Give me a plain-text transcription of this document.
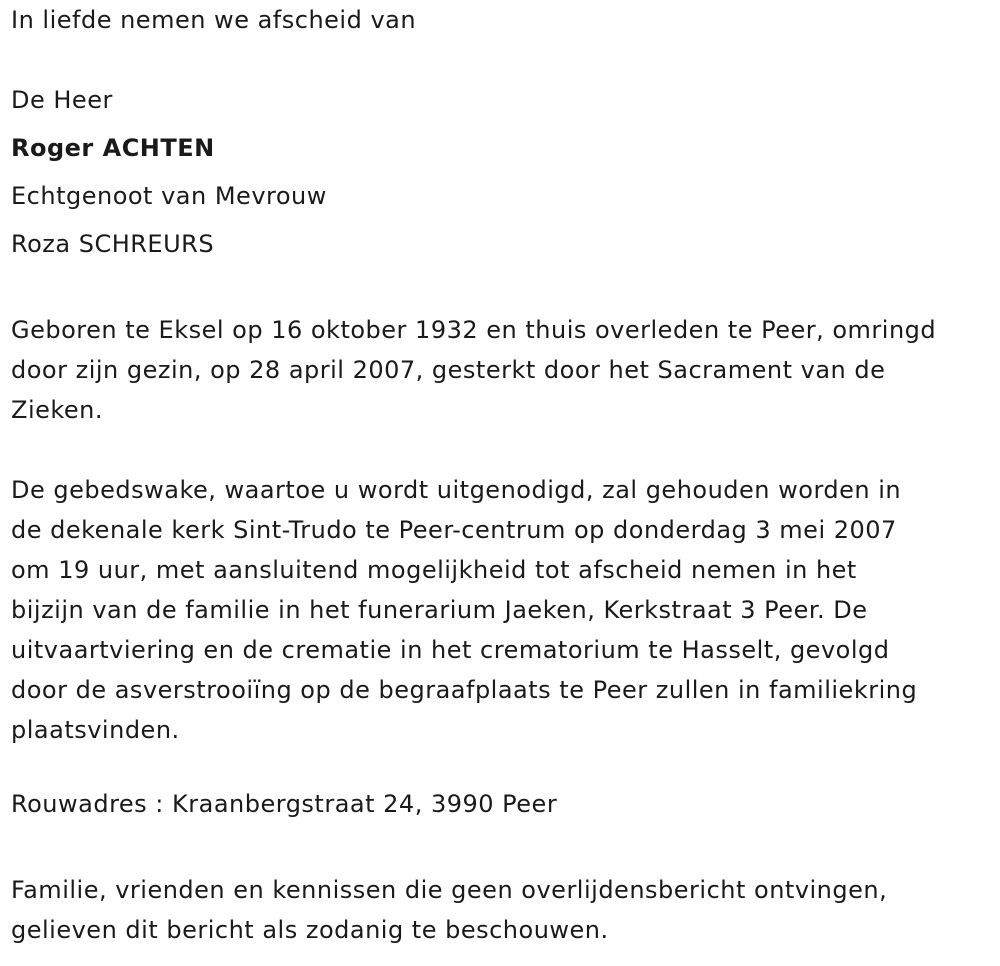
In liefde nemen we afscheid van
De Heer
Roger ACHTEN
Echtgenoot van Mevrouw
Roza SCHREURS
Geboren te Eksel op 16 oktober 1932 en thuis overleden te Peer, omringd
door zijn gezin, op 28 april 2007, gesterkt door het Sacrament van de
Zieken.
De gebedswake, waartoe u wordt uitgenodigd, zal gehouden worden in
de dekenale kerk Sint-Trudo te Peer-centrum op donderdag 3 mei 2007
om 19 uur, met aansluitend mogelijkheid tot afscheid nemen in het
bijzijn van de familie in het funerarium Jaeken, Kerkstraat 3 Peer. De
uitvaartviering en de crematie in het crematorium te Hasselt, gevolgd
door de asverstrooiïng op de begraafplaats te Peer zullen in familiekring
plaatsvinden.
Rouwadres : Kraanbergstraat 24, 3990 Peer
Familie, vrienden en kennissen die geen overlijdensbericht ontvingen,
gelieven dit bericht als zodanig te beschouwen.
